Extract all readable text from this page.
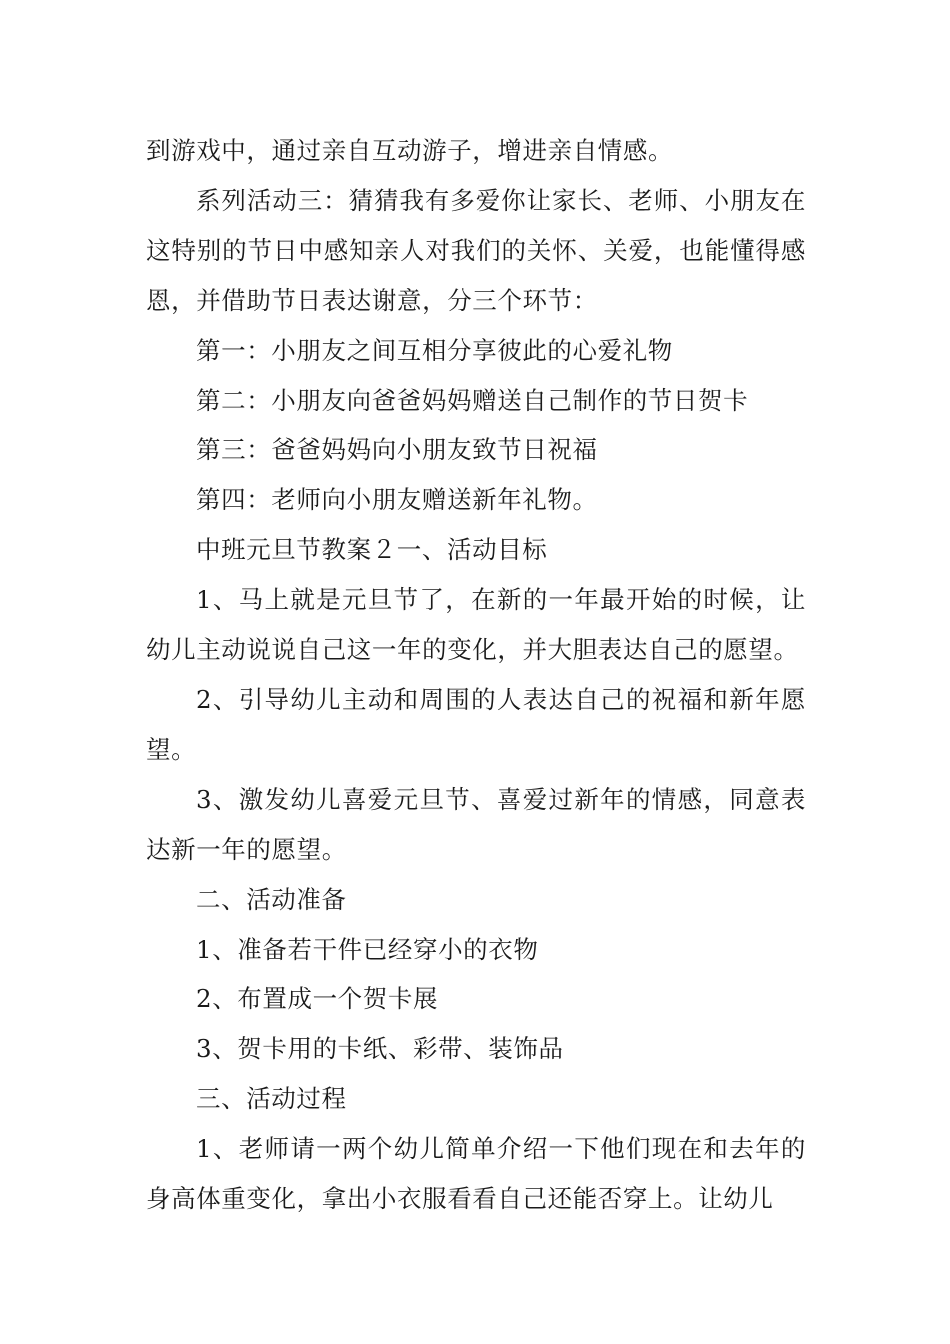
到游戏中，通过亲自互动游子，增进亲自情感。

系列活动三：猜猜我有多爱你让家长、老师、小朋友在这特别的节日中感知亲人对我们的关怀、关爱，也能懂得感恩，并借助节日表达谢意，分三个环节：

第一：小朋友之间互相分享彼此的心爱礼物

第二：小朋友向爸爸妈妈赠送自己制作的节日贺卡

第三：爸爸妈妈向小朋友致节日祝福

第四：老师向小朋友赠送新年礼物。

中班元旦节教案２一、活动目标

1、马上就是元旦节了，在新的一年最开始的时候，让幼儿主动说说自己这一年的变化，并大胆表达自己的愿望。

2、引导幼儿主动和周围的人表达自己的祝福和新年愿望。

3、激发幼儿喜爱元旦节、喜爱过新年的情感，同意表达新一年的愿望。

二、活动准备

1、准备若干件已经穿小的衣物

2、布置成一个贺卡展

3、贺卡用的卡纸、彩带、装饰品

三、活动过程

1、老师请一两个幼儿简单介绍一下他们现在和去年的身高体重变化，拿出小衣服看看自己还能否穿上。让幼儿
